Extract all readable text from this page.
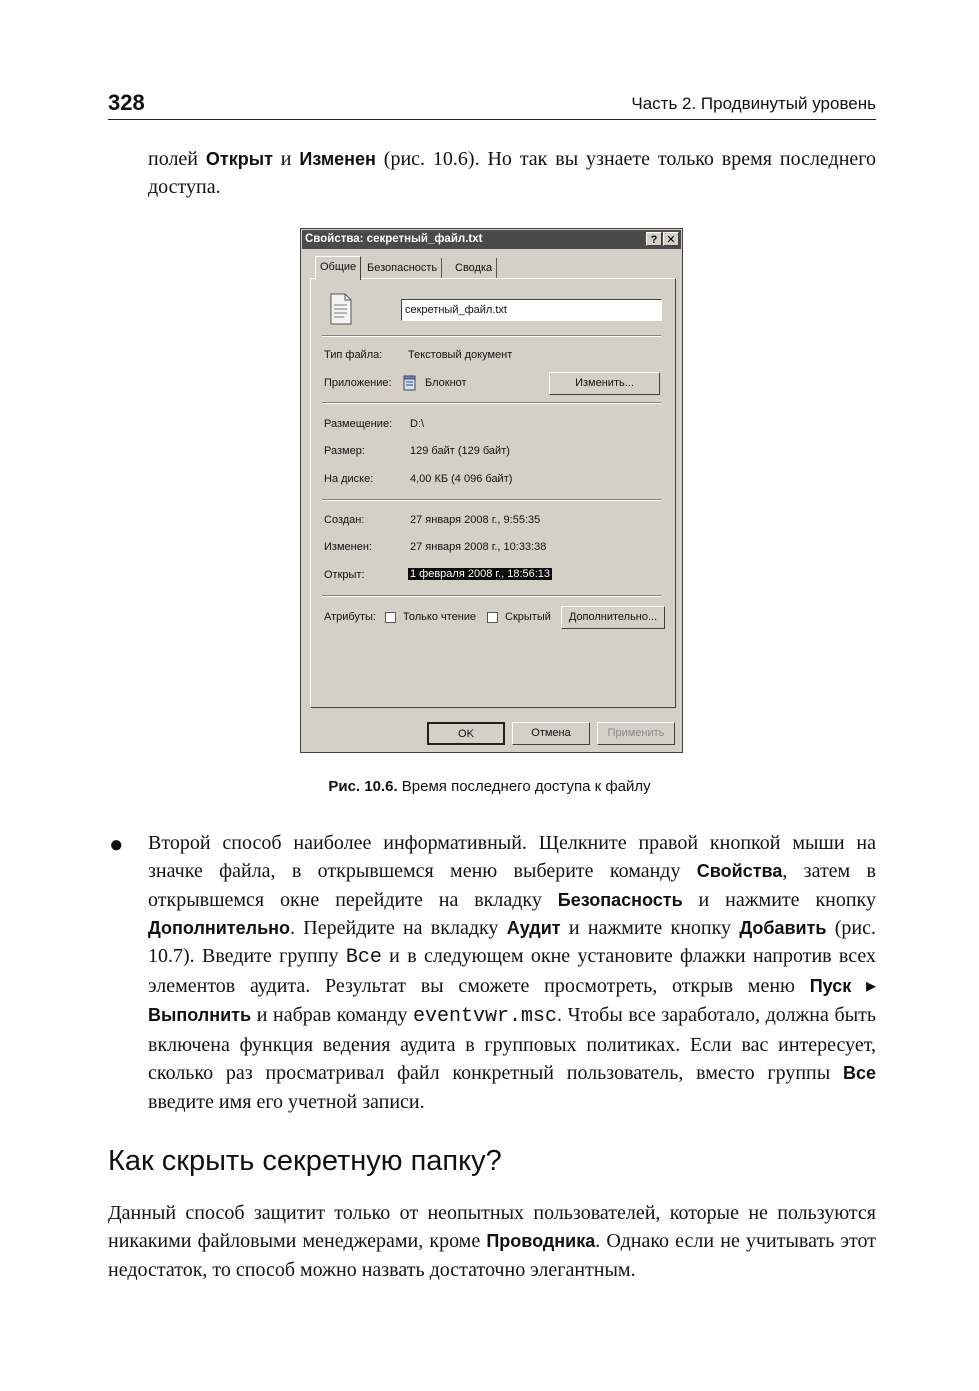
328	Часть 2. Продвинутый уровень

полей Открыт и Изменен (рис. 10.6). Но так вы узнаете только время последнего доступа.

Свойства: секретный_файл.txt	? ✕
Общие Безопасность	Сводка
секретный_файл.txt
Тип файла: Текстовый документ
Приложение:	Блокнот	Изменить...
Размещение: D:\
Размер:	129 байт (129 байт)
На диске:	4,00 КБ (4 096 байт)
Создан:	27 января 2008 г., 9:55:35
Изменен:	27 января 2008 г., 10:33:38
Открыт:	1 февраля 2008 г., 18:56:13
Атрибуты: Только чтение	Скрытый	Дополнительно...
OK	Отмена	Применить
Рис. 10.6. Время последнего доступа к файлу
● Второй способ наиболее информативный. Щелкните правой кнопкой мыши на значке файла, в открывшемся меню выберите команду Свойства, затем в открывшемся окне перейдите на вкладку Безопасность и нажмите кнопку Дополнительно. Перейдите на вкладку Аудит и нажмите кнопку Добавить (рис. 10.7). Введите группу Все и в следующем окне установите флажки напротив всех элементов аудита. Результат вы сможете просмотреть, открыв меню Пуск ▸ Выполнить и набрав команду eventvwr.msc. Чтобы все заработало, должна быть включена функция ведения аудита в групповых политиках. Если вас интересует, сколько раз просматривал файл конкретный пользователь, вместо группы Все введите имя его учетной записи.

Как скрыть секретную папку?

Данный способ защитит только от неопытных пользователей, которые не пользуются никакими файловыми менеджерами, кроме Проводника. Однако если не учитывать этот недостаток, то способ можно назвать достаточно элегантным.
